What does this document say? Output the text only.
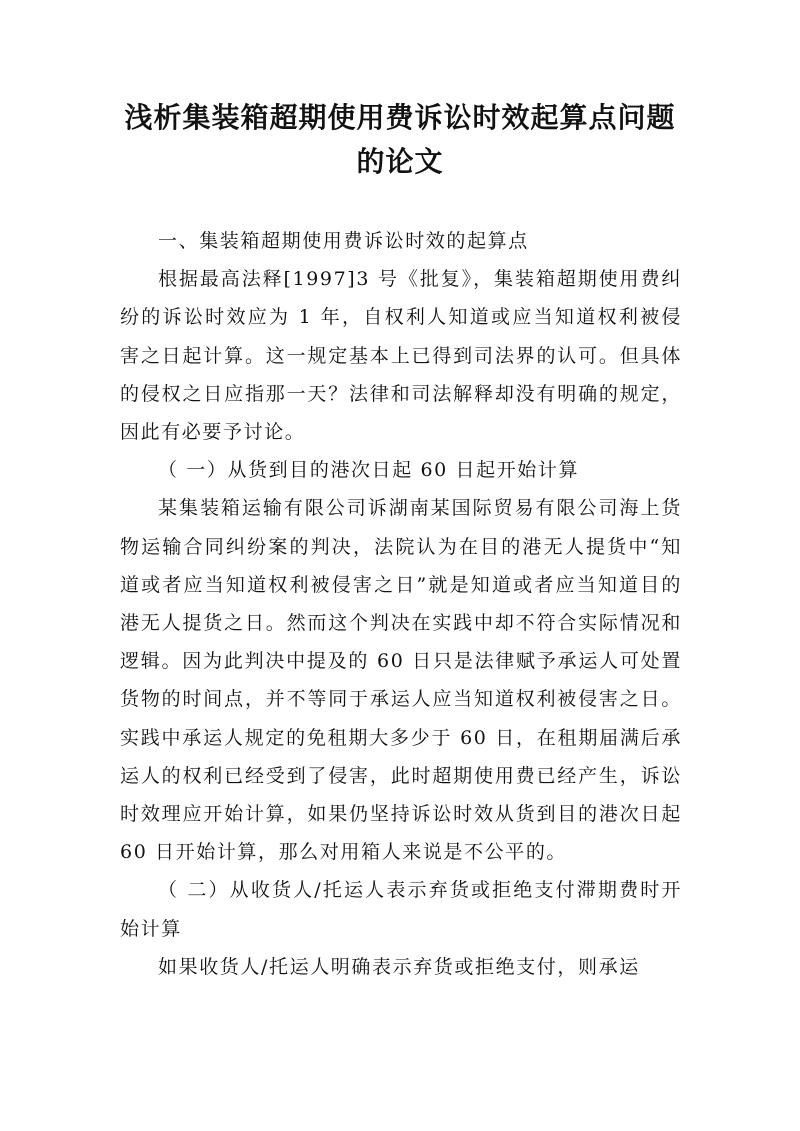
浅析集装箱超期使用费诉讼时效起算点问题的论文

一、集装箱超期使用费诉讼时效的起算点

根据最高法释[1997]3 号《批复》，集装箱超期使用费纠纷的诉讼时效应为 1 年，自权利人知道或应当知道权利被侵害之日起计算。这一规定基本上已得到司法界的认可。但具体的侵权之日应指那一天？法律和司法解释却没有明确的规定，因此有必要予讨论。

（ 一）从货到目的港次日起 60 日起开始计算

某集装箱运输有限公司诉湖南某国际贸易有限公司海上货物运输合同纠纷案的判决，法院认为在目的港无人提货中“知道或者应当知道权利被侵害之日”就是知道或者应当知道目的港无人提货之日。然而这个判决在实践中却不符合实际情况和逻辑。因为此判决中提及的 60 日只是法律赋予承运人可处置货物的时间点，并不等同于承运人应当知道权利被侵害之日。实践中承运人规定的免租期大多少于 60 日，在租期届满后承运人的权利已经受到了侵害，此时超期使用费已经产生，诉讼时效理应开始计算，如果仍坚持诉讼时效从货到目的港次日起 60 日开始计算，那么对用箱人来说是不公平的。

（ 二）从收货人/托运人表示弃货或拒绝支付滞期费时开始计算

如果收货人/托运人明确表示弃货或拒绝支付，则承运
